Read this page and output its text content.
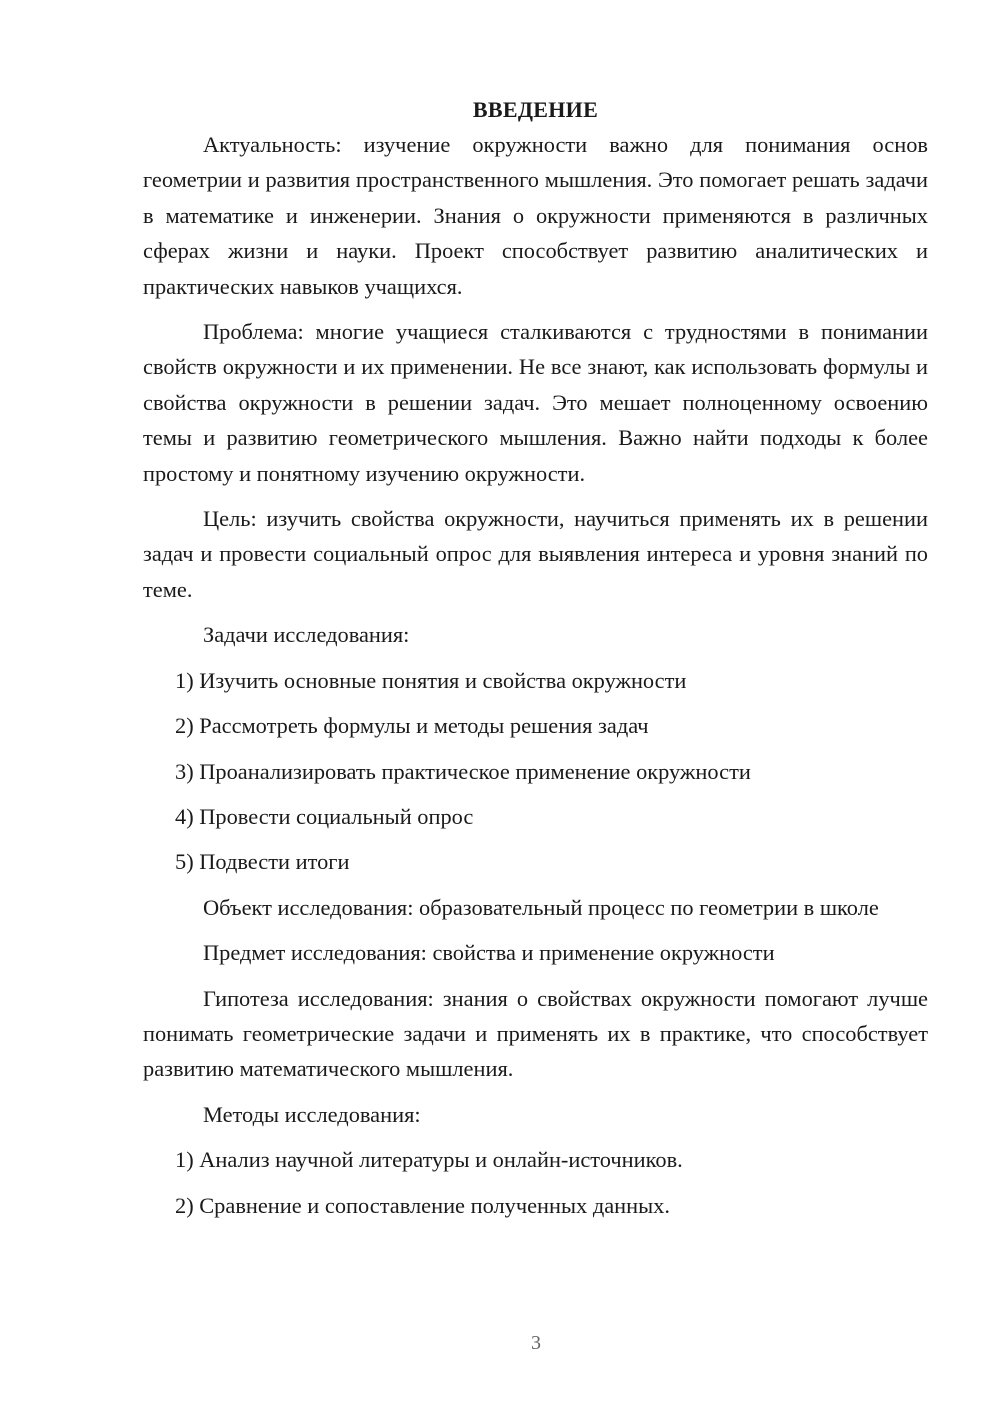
ВВЕДЕНИЕ

Актуальность: изучение окружности важно для понимания основ геометрии и развития пространственного мышления. Это помогает решать задачи в математике и инженерии. Знания о окружности применяются в различных сферах жизни и науки. Проект способствует развитию аналитических и практических навыков учащихся.

Проблема: многие учащиеся сталкиваются с трудностями в понимании свойств окружности и их применении. Не все знают, как использовать формулы и свойства окружности в решении задач. Это мешает полноценному освоению темы и развитию геометрического мышления. Важно найти подходы к более простому и понятному изучению окружности.

Цель: изучить свойства окружности, научиться применять их в решении задач и провести социальный опрос для выявления интереса и уровня знаний по теме.

Задачи исследования:

1) Изучить основные понятия и свойства окружности
2) Рассмотреть формулы и методы решения задач
3) Проанализировать практическое применение окружности
4) Провести социальный опрос
5) Подвести итоги

Объект исследования: образовательный процесс по геометрии в школе

Предмет исследования: свойства и применение окружности

Гипотеза исследования: знания о свойствах окружности помогают лучше понимать геометрические задачи и применять их в практике, что способствует развитию математического мышления.

Методы исследования:

1) Анализ научной литературы и онлайн-источников.
2) Сравнение и сопоставление полученных данных.
3
